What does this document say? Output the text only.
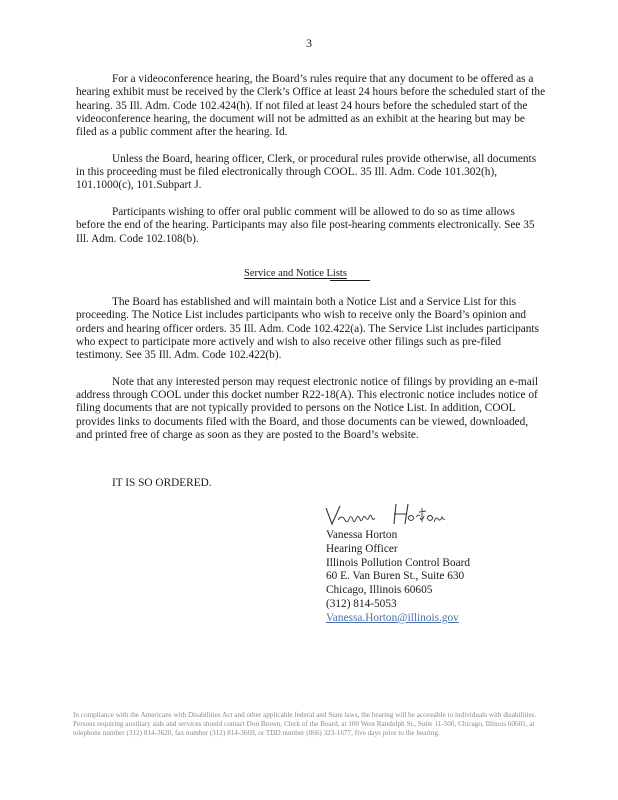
3

For a videoconference hearing, the Board’s rules require that any document to be offered as a hearing exhibit must be received by the Clerk’s Office at least 24 hours before the scheduled start of the hearing. 35 Ill. Adm. Code 102.424(h). If not filed at least 24 hours before the scheduled start of the videoconference hearing, the document will not be admitted as an exhibit at the hearing but may be filed as a public comment after the hearing. Id.

Unless the Board, hearing officer, Clerk, or procedural rules provide otherwise, all documents in this proceeding must be filed electronically through COOL. 35 Ill. Adm. Code 101.302(h), 101.1000(c), 101.Subpart J.

Participants wishing to offer oral public comment will be allowed to do so as time allows before the end of the hearing. Participants may also file post-hearing comments electronically. See 35 Ill. Adm. Code 102.108(b).

Service and Notice Lists

The Board has established and will maintain both a Notice List and a Service List for this proceeding. The Notice List includes participants who wish to receive only the Board’s opinion and orders and hearing officer orders. 35 Ill. Adm. Code 102.422(a). The Service List includes participants who expect to participate more actively and wish to also receive other filings such as pre-filed testimony. See 35 Ill. Adm. Code 102.422(b).

Note that any interested person may request electronic notice of filings by providing an e-mail address through COOL under this docket number R22-18(A). This electronic notice includes notice of filing documents that are not typically provided to persons on the Notice List. In addition, COOL provides links to documents filed with the Board, and those documents can be viewed, downloaded, and printed free of charge as soon as they are posted to the Board’s website.

IT IS SO ORDERED.
Vanessa Horton
Hearing Officer
Illinois Pollution Control Board
60 E. Van Buren St., Suite 630
Chicago, Illinois 60605
(312) 814-5053
Vanessa.Horton@illinois.gov
In compliance with the Americans with Disabilities Act and other applicable federal and State laws, the hearing will be accessible to individuals with disabilities. Persons requiring auxiliary aids and services should contact Don Brown, Clerk of the Board, at 100 West Randolph St., Suite 11-500, Chicago, Illinois 60601, at telephone number (312) 814-3620, fax number (312) 814-3669, or TDD number (866) 323-1677, five days prior to the hearing.
